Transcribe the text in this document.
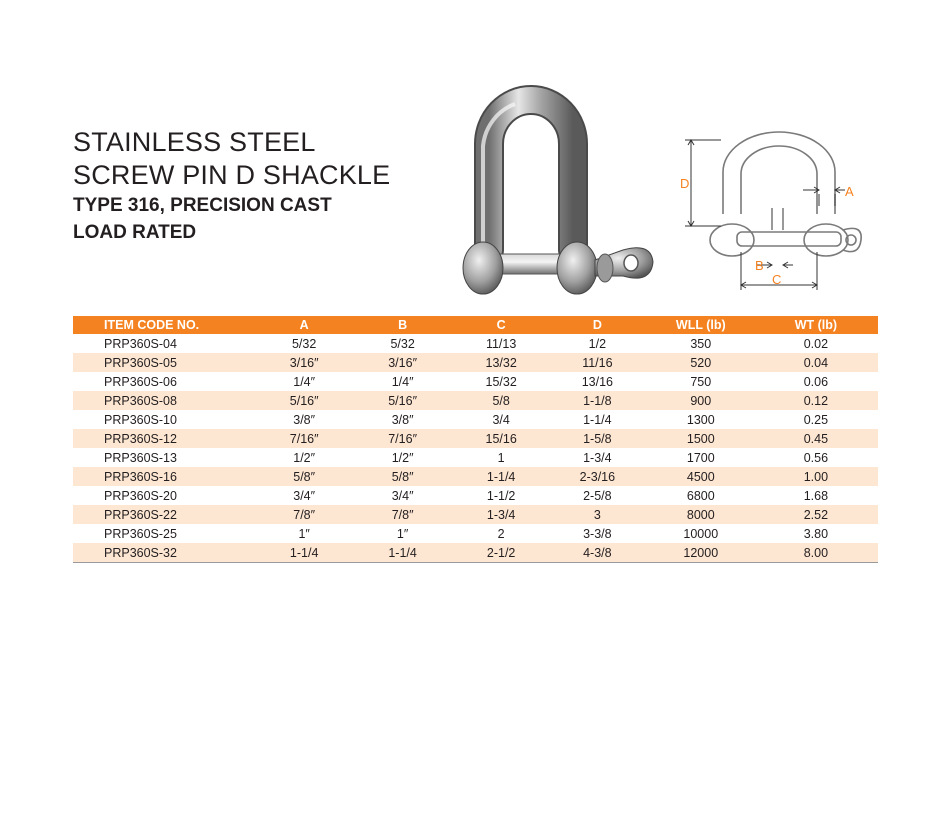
STAINLESS STEEL
SCREW PIN D SHACKLE
TYPE 316, PRECISION CAST
LOAD RATED
D
A
B
C
ITEM CODE NO.	A	B	C	D	WLL (lb)	WT (lb)
PRP360S-04	5/32	5/32	11/13	1/2	350	0.02
PRP360S-05	3/16″	3/16″	13/32	11/16	520	0.04
PRP360S-06	1/4″	1/4″	15/32	13/16	750	0.06
PRP360S-08	5/16″	5/16″	5/8	1-1/8	900	0.12
PRP360S-10	3/8″	3/8″	3/4	1-1/4	1300	0.25
PRP360S-12	7/16″	7/16″	15/16	1-5/8	1500	0.45
PRP360S-13	1/2″	1/2″	1	1-3/4	1700	0.56
PRP360S-16	5/8″	5/8″	1-1/4	2-3/16	4500	1.00
PRP360S-20	3/4″	3/4″	1-1/2	2-5/8	6800	1.68
PRP360S-22	7/8″	7/8″	1-3/4	3	8000	2.52
PRP360S-25	1″	1″	2	3-3/8	10000	3.80
PRP360S-32	1-1/4	1-1/4	2-1/2	4-3/8	12000	8.00
